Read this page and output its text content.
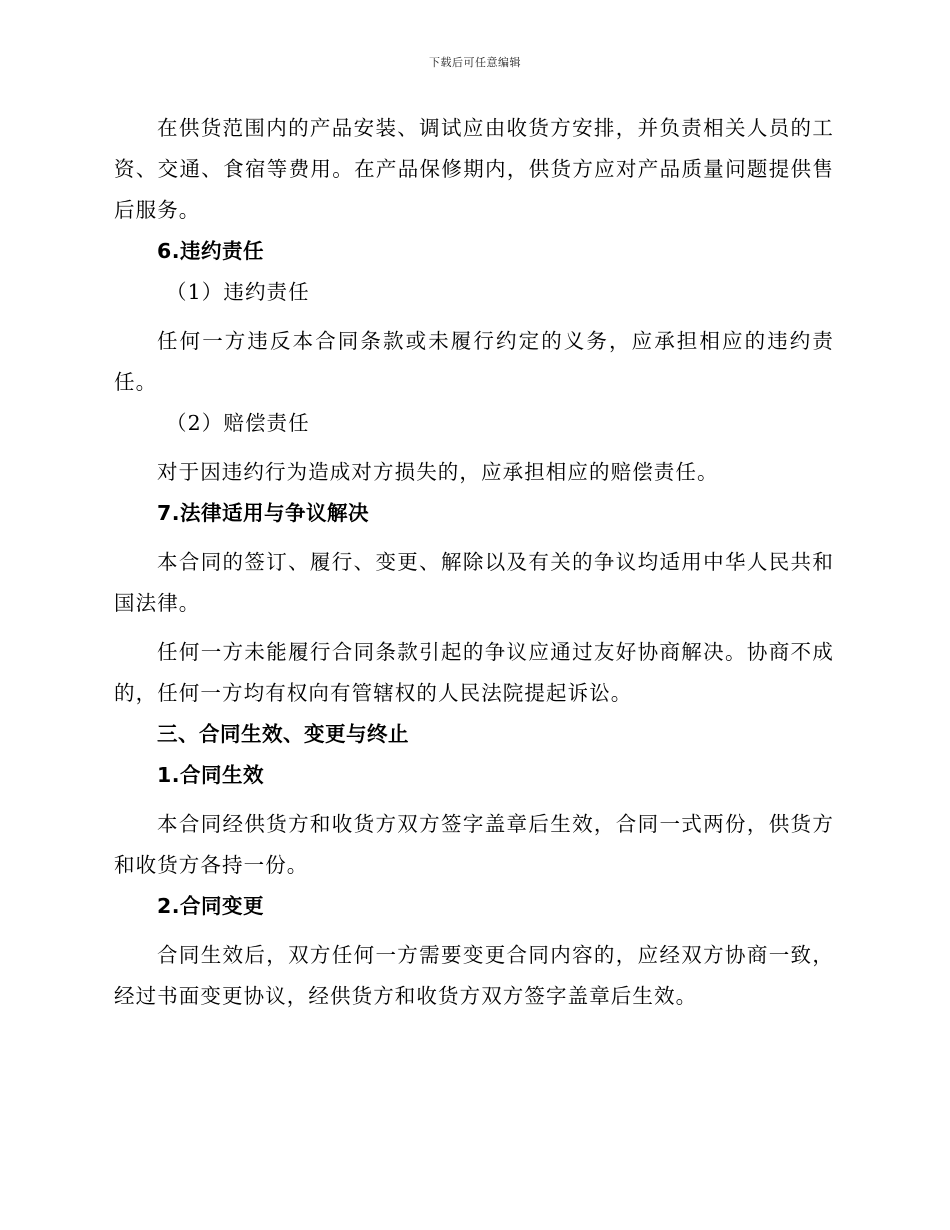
下载后可任意编辑

在供货范围内的产品安装、调试应由收货方安排，并负责相关人员的工资、交通、食宿等费用。在产品保修期内，供货方应对产品质量问题提供售后服务。

6.违约责任

（1）违约责任

任何一方违反本合同条款或未履行约定的义务，应承担相应的违约责任。

（2）赔偿责任

对于因违约行为造成对方损失的，应承担相应的赔偿责任。

7.法律适用与争议解决

本合同的签订、履行、变更、解除以及有关的争议均适用中华人民共和国法律。

任何一方未能履行合同条款引起的争议应通过友好协商解决。协商不成的，任何一方均有权向有管辖权的人民法院提起诉讼。

三、合同生效、变更与终止

1.合同生效

本合同经供货方和收货方双方签字盖章后生效，合同一式两份，供货方和收货方各持一份。

2.合同变更

合同生效后，双方任何一方需要变更合同内容的，应经双方协商一致，经过书面变更协议，经供货方和收货方双方签字盖章后生效。
